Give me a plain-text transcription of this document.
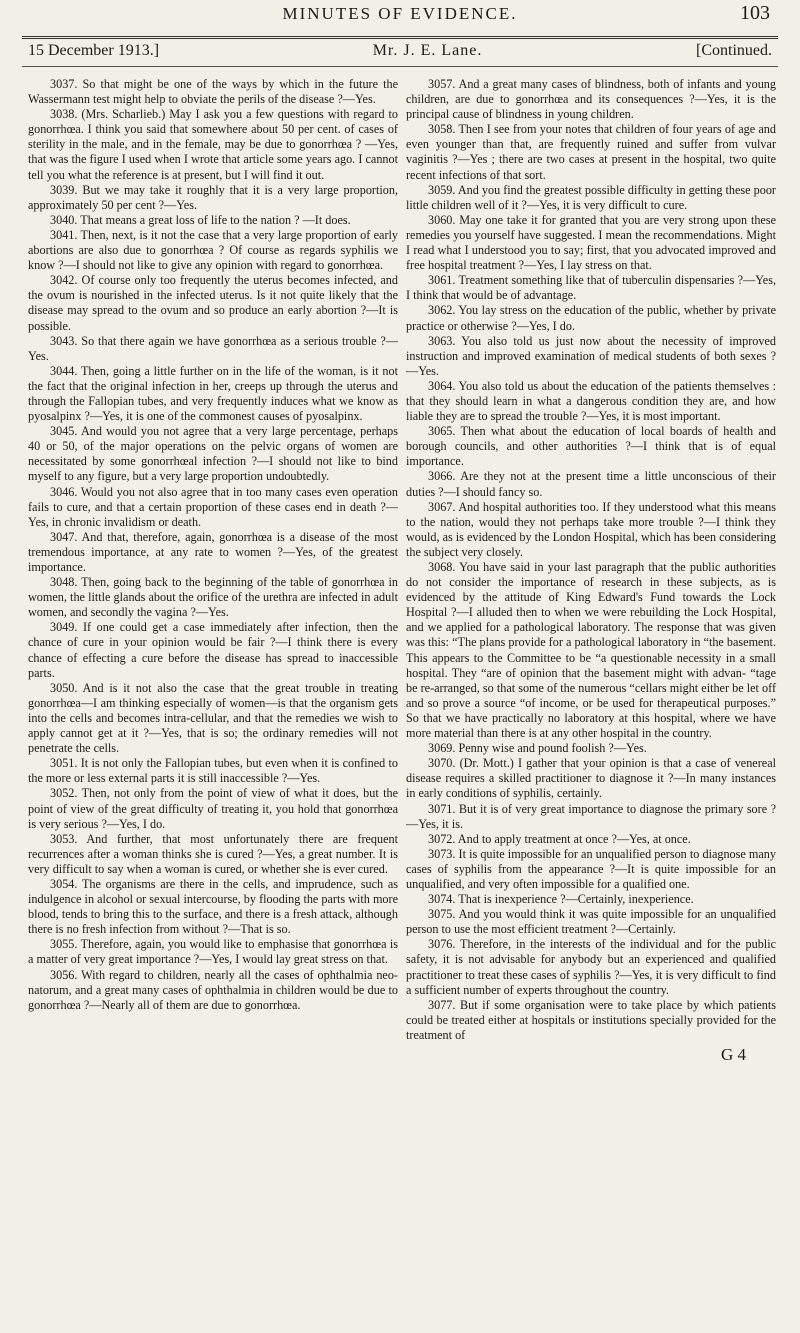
MINUTES OF EVIDENCE.	103
15 December 1913.]	Mr. J. E. Lane.	[Continued.

3037. So that might be one of the ways by which in the future the Wassermann test might help to obviate the perils of the disease ?—Yes.

3038. (Mrs. Scharlieb.) May I ask you a few questions with regard to gonorrhœa. I think you said that somewhere about 50 per cent. of cases of sterility in the male, and in the female, may be due to gonorrhœa ? —Yes, that was the figure I used when I wrote that article some years ago. I cannot tell you what the reference is at present, but I will find it out.

3039. But we may take it roughly that it is a very large proportion, approximately 50 per cent ?—Yes.

3040. That means a great loss of life to the nation ? —It does.

3041. Then, next, is it not the case that a very large proportion of early abortions are also due to gonorrhœa ? Of course as regards syphilis we know ?—I should not like to give any opinion with regard to gonorrhœa.

3042. Of course only too frequently the uterus becomes infected, and the ovum is nourished in the infected uterus. Is it not quite likely that the disease may spread to the ovum and so produce an early abortion ?—It is possible.

3043. So that there again we have gonorrhœa as a serious trouble ?—Yes.

3044. Then, going a little further on in the life of the woman, is it not the fact that the original infection in her, creeps up through the uterus and through the Fallopian tubes, and very frequently induces what we know as pyosalpinx ?—Yes, it is one of the commonest causes of pyosalpinx.

3045. And would you not agree that a very large percentage, perhaps 40 or 50, of the major operations on the pelvic organs of women are necessitated by some gonorrhœal infection ?—I should not like to bind myself to any figure, but a very large proportion undoubtedly.

3046. Would you not also agree that in too many cases even operation fails to cure, and that a certain proportion of these cases end in death ?—Yes, in chronic invalidism or death.

3047. And that, therefore, again, gonorrhœa is a disease of the most tremendous importance, at any rate to women ?—Yes, of the greatest importance.

3048. Then, going back to the beginning of the table of gonorrhœa in women, the little glands about the orifice of the urethra are infected in adult women, and secondly the vagina ?—Yes.

3049. If one could get a case immediately after infection, then the chance of cure in your opinion would be fair ?—I think there is every chance of effecting a cure before the disease has spread to inaccessible parts.

3050. And is it not also the case that the great trouble in treating gonorrhœa—I am thinking especially of women—is that the organism gets into the cells and becomes intra-cellular, and that the remedies we wish to apply cannot get at it ?—Yes, that is so; the ordinary remedies will not penetrate the cells.

3051. It is not only the Fallopian tubes, but even when it is confined to the more or less external parts it is still inaccessible ?—Yes.

3052. Then, not only from the point of view of what it does, but the point of view of the great difficulty of treating it, you hold that gonorrhœa is very serious ?—Yes, I do.

3053. And further, that most unfortunately there are frequent recurrences after a woman thinks she is cured ?—Yes, a great number. It is very difficult to say when a woman is cured, or whether she is ever cured.

3054. The organisms are there in the cells, and imprudence, such as indulgence in alcohol or sexual intercourse, by flooding the parts with more blood, tends to bring this to the surface, and there is a fresh attack, although there is no fresh infection from without ?—That is so.

3055. Therefore, again, you would like to emphasise that gonorrhœa is a matter of very great importance ?—Yes, I would lay great stress on that.

3056. With regard to children, nearly all the cases of ophthalmia neo-natorum, and a great many cases of ophthalmia in children would be due to gonorrhœa ?—Nearly all of them are due to gonorrhœa.

3057. And a great many cases of blindness, both of infants and young children, are due to gonorrhœa and its consequences ?—Yes, it is the principal cause of blindness in young children.

3058. Then I see from your notes that children of four years of age and even younger than that, are frequently ruined and suffer from vulvar vaginitis ?—Yes ; there are two cases at present in the hospital, two quite recent infections of that sort.

3059. And you find the greatest possible difficulty in getting these poor little children well of it ?—Yes, it is very difficult to cure.

3060. May one take it for granted that you are very strong upon these remedies you yourself have suggested. I mean the recommendations. Might I read what I understood you to say; first, that you advocated improved and free hospital treatment ?—Yes, I lay stress on that.

3061. Treatment something like that of tuberculin dispensaries ?—Yes, I think that would be of advantage.

3062. You lay stress on the education of the public, whether by private practice or otherwise ?—Yes, I do.

3063. You also told us just now about the necessity of improved instruction and improved examination of medical students of both sexes ?—Yes.

3064. You also told us about the education of the patients themselves : that they should learn in what a dangerous condition they are, and how liable they are to spread the trouble ?—Yes, it is most important.

3065. Then what about the education of local boards of health and borough councils, and other authorities ?—I think that is of equal importance.

3066. Are they not at the present time a little unconscious of their duties ?—I should fancy so.

3067. And hospital authorities too. If they understood what this means to the nation, would they not perhaps take more trouble ?—I think they would, as is evidenced by the London Hospital, which has been considering the subject very closely.

3068. You have said in your last paragraph that the public authorities do not consider the importance of research in these subjects, as is evidenced by the attitude of King Edward's Fund towards the Lock Hospital ?—I alluded then to when we were rebuilding the Lock Hospital, and we applied for a pathological laboratory. The response that was given was this: “The plans provide for a pathological laboratory in “the basement. This appears to the Committee to be “a questionable necessity in a small hospital. They “are of opinion that the basement might with advan- “tage be re-arranged, so that some of the numerous “cellars might either be let off and so prove a source “of income, or be used for therapeutical purposes.” So that we have practically no laboratory at this hospital, where we have more material than there is at any other hospital in the country.

3069. Penny wise and pound foolish ?—Yes.

3070. (Dr. Mott.) I gather that your opinion is that a case of venereal disease requires a skilled practitioner to diagnose it ?—In many instances in early conditions of syphilis, certainly.

3071. But it is of very great importance to diagnose the primary sore ?—Yes, it is.

3072. And to apply treatment at once ?—Yes, at once.

3073. It is quite impossible for an unqualified person to diagnose many cases of syphilis from the appearance ?—It is quite impossible for an unqualified, and very often impossible for a qualified one.

3074. That is inexperience ?—Certainly, inexperience.

3075. And you would think it was quite impossible for an unqualified person to use the most efficient treatment ?—Certainly.

3076. Therefore, in the interests of the individual and for the public safety, it is not advisable for anybody but an experienced and qualified practitioner to treat these cases of syphilis ?—Yes, it is very difficult to find a sufficient number of experts throughout the country.

3077. But if some organisation were to take place by which patients could be treated either at hospitals or institutions specially provided for the treatment of

G 4
